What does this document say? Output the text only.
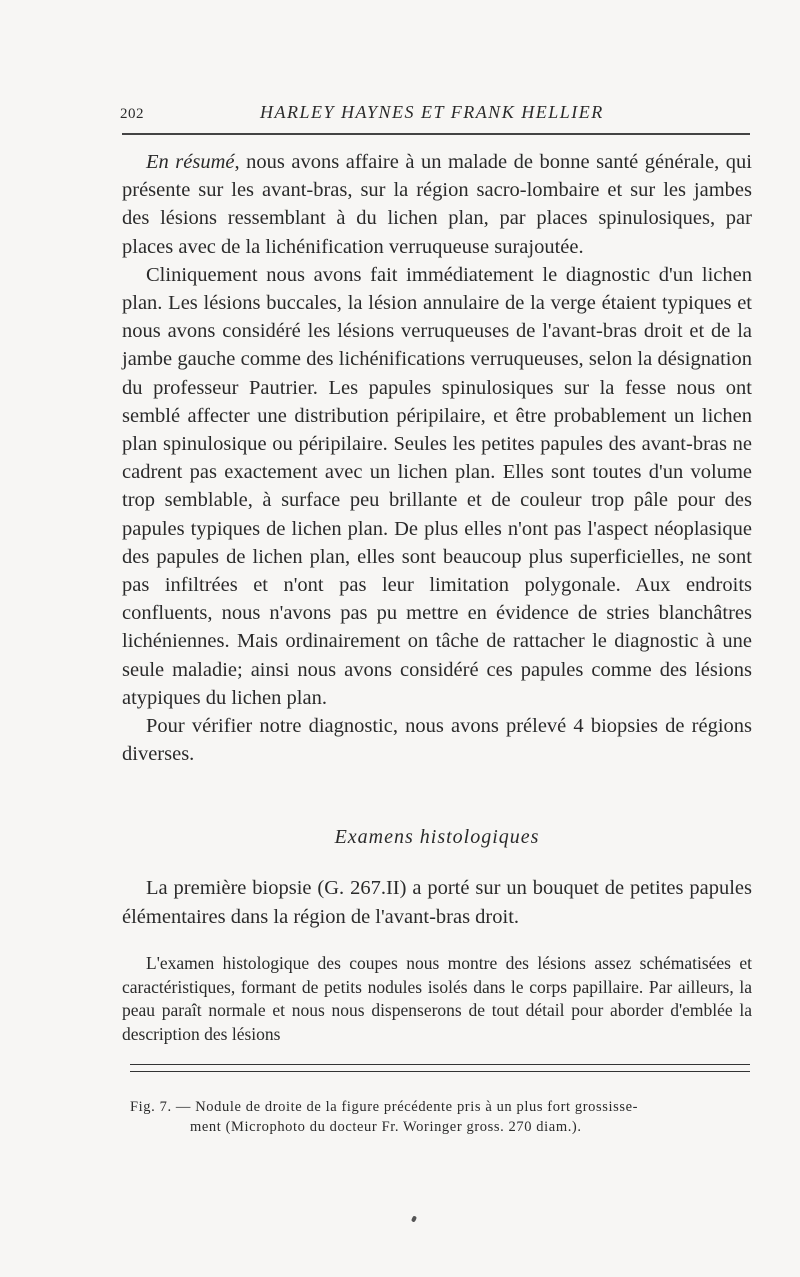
202	HARLEY HAYNES ET FRANK HELLIER

En résumé, nous avons affaire à un malade de bonne santé générale, qui présente sur les avant-bras, sur la région sacro-lombaire et sur les jambes des lésions ressemblant à du lichen plan, par places spinulosiques, par places avec de la lichénification verruqueuse surajoutée.

Cliniquement nous avons fait immédiatement le diagnostic d'un lichen plan. Les lésions buccales, la lésion annulaire de la verge étaient typiques et nous avons considéré les lésions verruqueuses de l'avant-bras droit et de la jambe gauche comme des lichénifications verruqueuses, selon la désignation du professeur Pautrier. Les papules spinulosiques sur la fesse nous ont semblé affecter une distribution péripilaire, et être probablement un lichen plan spinulosique ou péripilaire. Seules les petites papules des avant-bras ne cadrent pas exactement avec un lichen plan. Elles sont toutes d'un volume trop semblable, à surface peu brillante et de couleur trop pâle pour des papules typiques de lichen plan. De plus elles n'ont pas l'aspect néoplasique des papules de lichen plan, elles sont beaucoup plus superficielles, ne sont pas infiltrées et n'ont pas leur limitation polygonale. Aux endroits confluents, nous n'avons pas pu mettre en évidence de stries blanchâtres lichéniennes. Mais ordinairement on tâche de rattacher le diagnostic à une seule maladie; ainsi nous avons considéré ces papules comme des lésions atypiques du lichen plan.

Pour vérifier notre diagnostic, nous avons prélevé 4 biopsies de régions diverses.

Examens histologiques

La première biopsie (G. 267.II) a porté sur un bouquet de petites papules élémentaires dans la région de l'avant-bras droit.

L'examen histologique des coupes nous montre des lésions assez schématisées et caractéristiques, formant de petits nodules isolés dans le corps papillaire. Par ailleurs, la peau paraît normale et nous nous dispenserons de tout détail pour aborder d'emblée la description des lésions

Fig. 7. — Nodule de droite de la figure précédente pris à un plus fort grossisse-
ment (Microphoto du docteur Fr. Woringer gross. 270 diam.).
